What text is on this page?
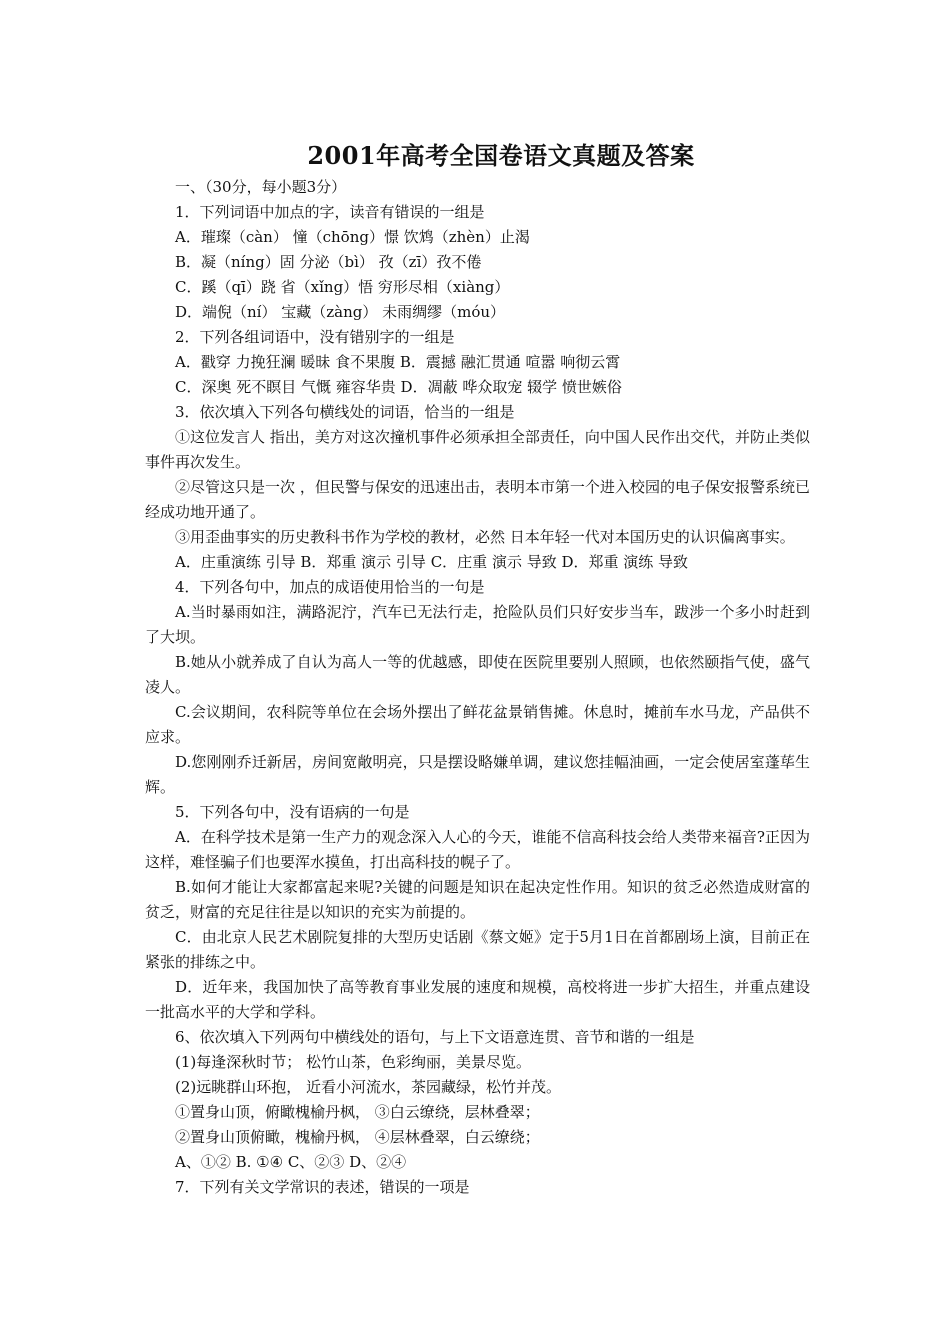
2001年高考全国卷语文真题及答案
一、（30分，每小题3分）
1．下列词语中加点的字，读音有错误的一组是
A．璀璨（càn） 憧（chōng）憬 饮鸩（zhèn）止渴
B．凝（níng）固 分泌（bì） 孜（zī）孜不倦
C．蹊（qī）跷 省（xǐng）悟 穷形尽相（xiàng）
D．端倪（ní） 宝藏（zàng） 未雨绸缪（móu）
2．下列各组词语中，没有错别字的一组是
A．戳穿 力挽狂澜 暖昧 食不果腹 B．震撼 融汇贯通 喧嚣 响彻云霄
C．深奥 死不瞑目 气慨 雍容华贵 D．凋蔽 哗众取宠 辍学 愤世嫉俗
3．依次填入下列各句横线处的词语，恰当的一组是
①这位发言人 指出，美方对这次撞机事件必须承担全部责任，向中国人民作出交代，并防止类似事件再次发生。
②尽管这只是一次 ，但民警与保安的迅速出击，表明本市第一个进入校园的电子保安报警系统已经成功地开通了。
③用歪曲事实的历史教科书作为学校的教材，必然 日本年轻一代对本国历史的认识偏离事实。
A．庄重演练 引导 B．郑重 演示 引导 C．庄重 演示 导致 D．郑重 演练 导致
4．下列各句中，加点的成语使用恰当的一句是
A.当时暴雨如注，满路泥泞，汽车已无法行走，抢险队员们只好安步当车，跋涉一个多小时赶到了大坝。
B.她从小就养成了自认为高人一等的优越感，即使在医院里要别人照顾，也依然颐指气使，盛气凌人。
C.会议期间，农科院等单位在会场外摆出了鲜花盆景销售摊。休息时，摊前车水马龙，产品供不应求。
D.您刚刚乔迁新居，房间宽敞明亮，只是摆设略嫌单调，建议您挂幅油画，一定会使居室蓬荜生辉。
5．下列各句中，没有语病的一句是
A．在科学技术是第一生产力的观念深入人心的今天，谁能不信高科技会给人类带来福音?正因为这样，难怪骗子们也要浑水摸鱼，打出高科技的幌子了。
B.如何才能让大家都富起来呢?关键的问题是知识在起决定性作用。知识的贫乏必然造成财富的贫乏，财富的充足往往是以知识的充实为前提的。
C．由北京人民艺术剧院复排的大型历史话剧《蔡文姬》定于5月1日在首都剧场上演，目前正在紧张的排练之中。
D．近年来，我国加快了高等教育事业发展的速度和规模，高校将进一步扩大招生，并重点建设一批高水平的大学和学科。
6、依次填入下列两句中横线处的语句，与上下文语意连贯、音节和谐的一组是
(1)每逢深秋时节； 松竹山茶，色彩绚丽，美景尽览。
(2)远眺群山环抱， 近看小河流水，茶园藏绿，松竹并茂。
①置身山顶，俯瞰槐榆丹枫， ③白云缭绕，层林叠翠；
②置身山顶俯瞰，槐榆丹枫， ④层林叠翠，白云缭绕；
A、①② B. ①④ C、②③ D、②④
7．下列有关文学常识的表述，错误的一项是
